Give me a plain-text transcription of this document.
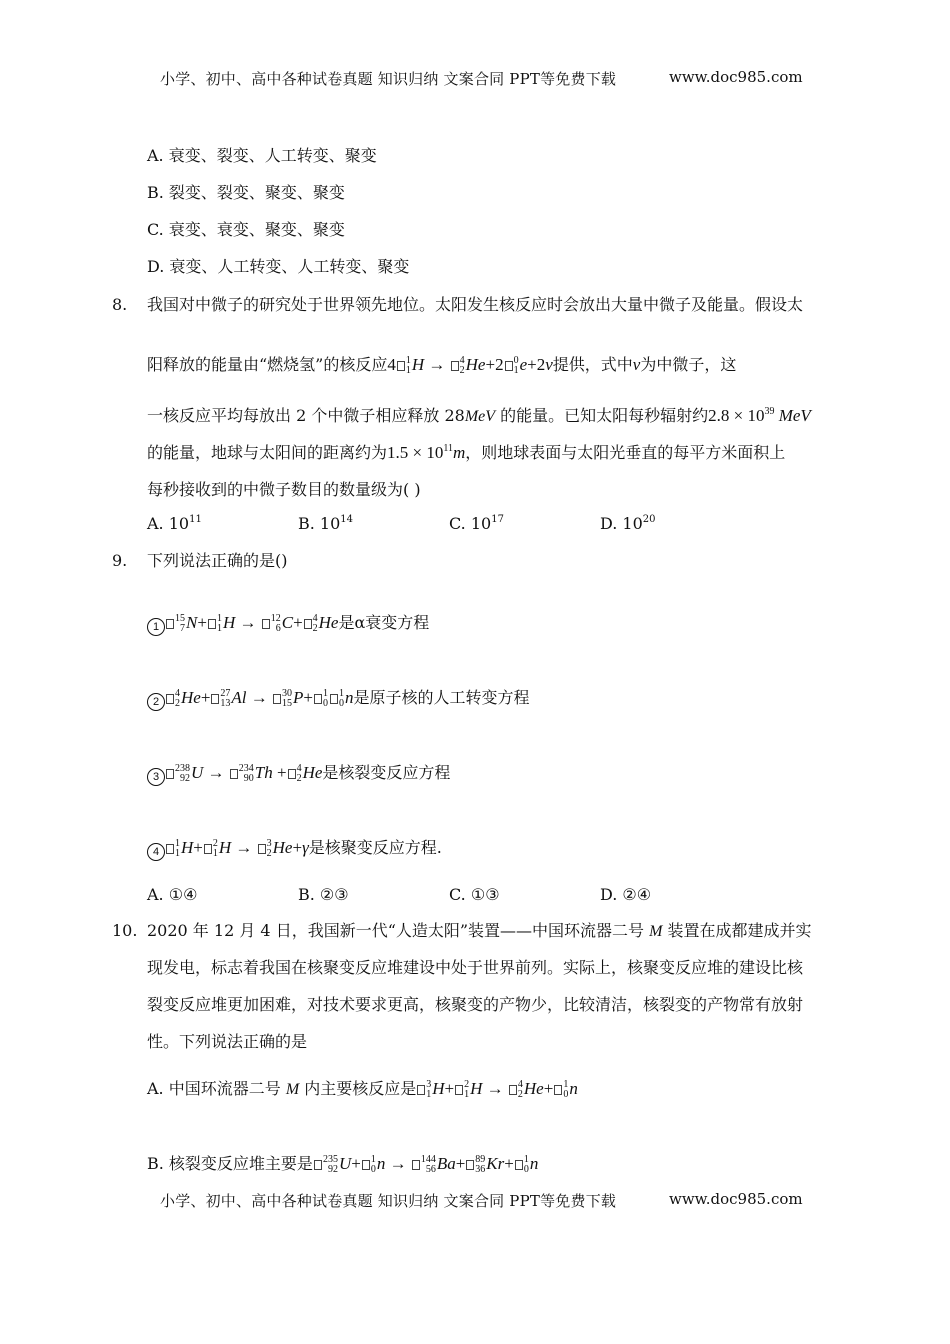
小学、初中、高中各种试卷真题 知识归纳 文案合同 PPT等免费下载	www.doc985.com
A. 衰变、裂变、人工转变、聚变
B. 裂变、裂变、聚变、聚变
C. 衰变、衰变、聚变、聚变
D. 衰变、人工转变、人工转变、聚变
8. 我国对中微子的研究处于世界领先地位。太阳发生核反应时会放出大量中微子及能量。假设太
阳释放的能量由“燃烧氢”的核反应4 1
1 H → 4
2 He+2 0
1 e+2ν提供，式中ν为中微子，这
一核反应平均每放出 2 个中微子相应释放 28MeV 的能量。已知太阳每秒辐射约$2.8 \times 10^{39}$ MeV
的能量，地球与太阳间的距离约为$1.5 \times 10^{11}m$，则地球表面与太阳光垂直的每平方米面积上
每秒接收到的中微子数目的数量级为( )
A. $10^{11}$	B. $10^{14}$	C. $10^{17}$	D. $10^{20}$
9. 下列说法正确的是()
1
15
7 N+ 1
1 H → 12
6 C+ 4
2 He是α衰变方程
2
4
2 He+ 27
13 Al → 30
15 P+ 1
0
1
0 n是原子核的人工转变方程
3
238
92 U → 234
90 Th + 4
2 He是核裂变反应方程
4
1
1 H+ 2
1 H → 3
2 He+γ是核聚变反应方程.
A. ①④	B. ②③	C. ①③	D. ②④
10. 2020 年 12 月 4 日，我国新一代“人造太阳”装置——中国环流器二号 M 装置在成都建成并实
现发电，标志着我国在核聚变反应堆建设中处于世界前列。实际上，核聚变反应堆的建设比核
裂变反应堆更加困难，对技术要求更高，核聚变的产物少，比较清洁，核裂变的产物常有放射
性。下列说法正确的是
A. 中国环流器二号 M 内主要核反应是 3
1 H+ 2
1 H → 4
2 He+ 1
0 n
B. 核裂变反应堆主要是 235
92 U+ 1
0 n → 144
56 Ba+ 89
36 Kr+ 1
0 n
小学、初中、高中各种试卷真题 知识归纳 文案合同 PPT等免费下载	www.doc985.com
